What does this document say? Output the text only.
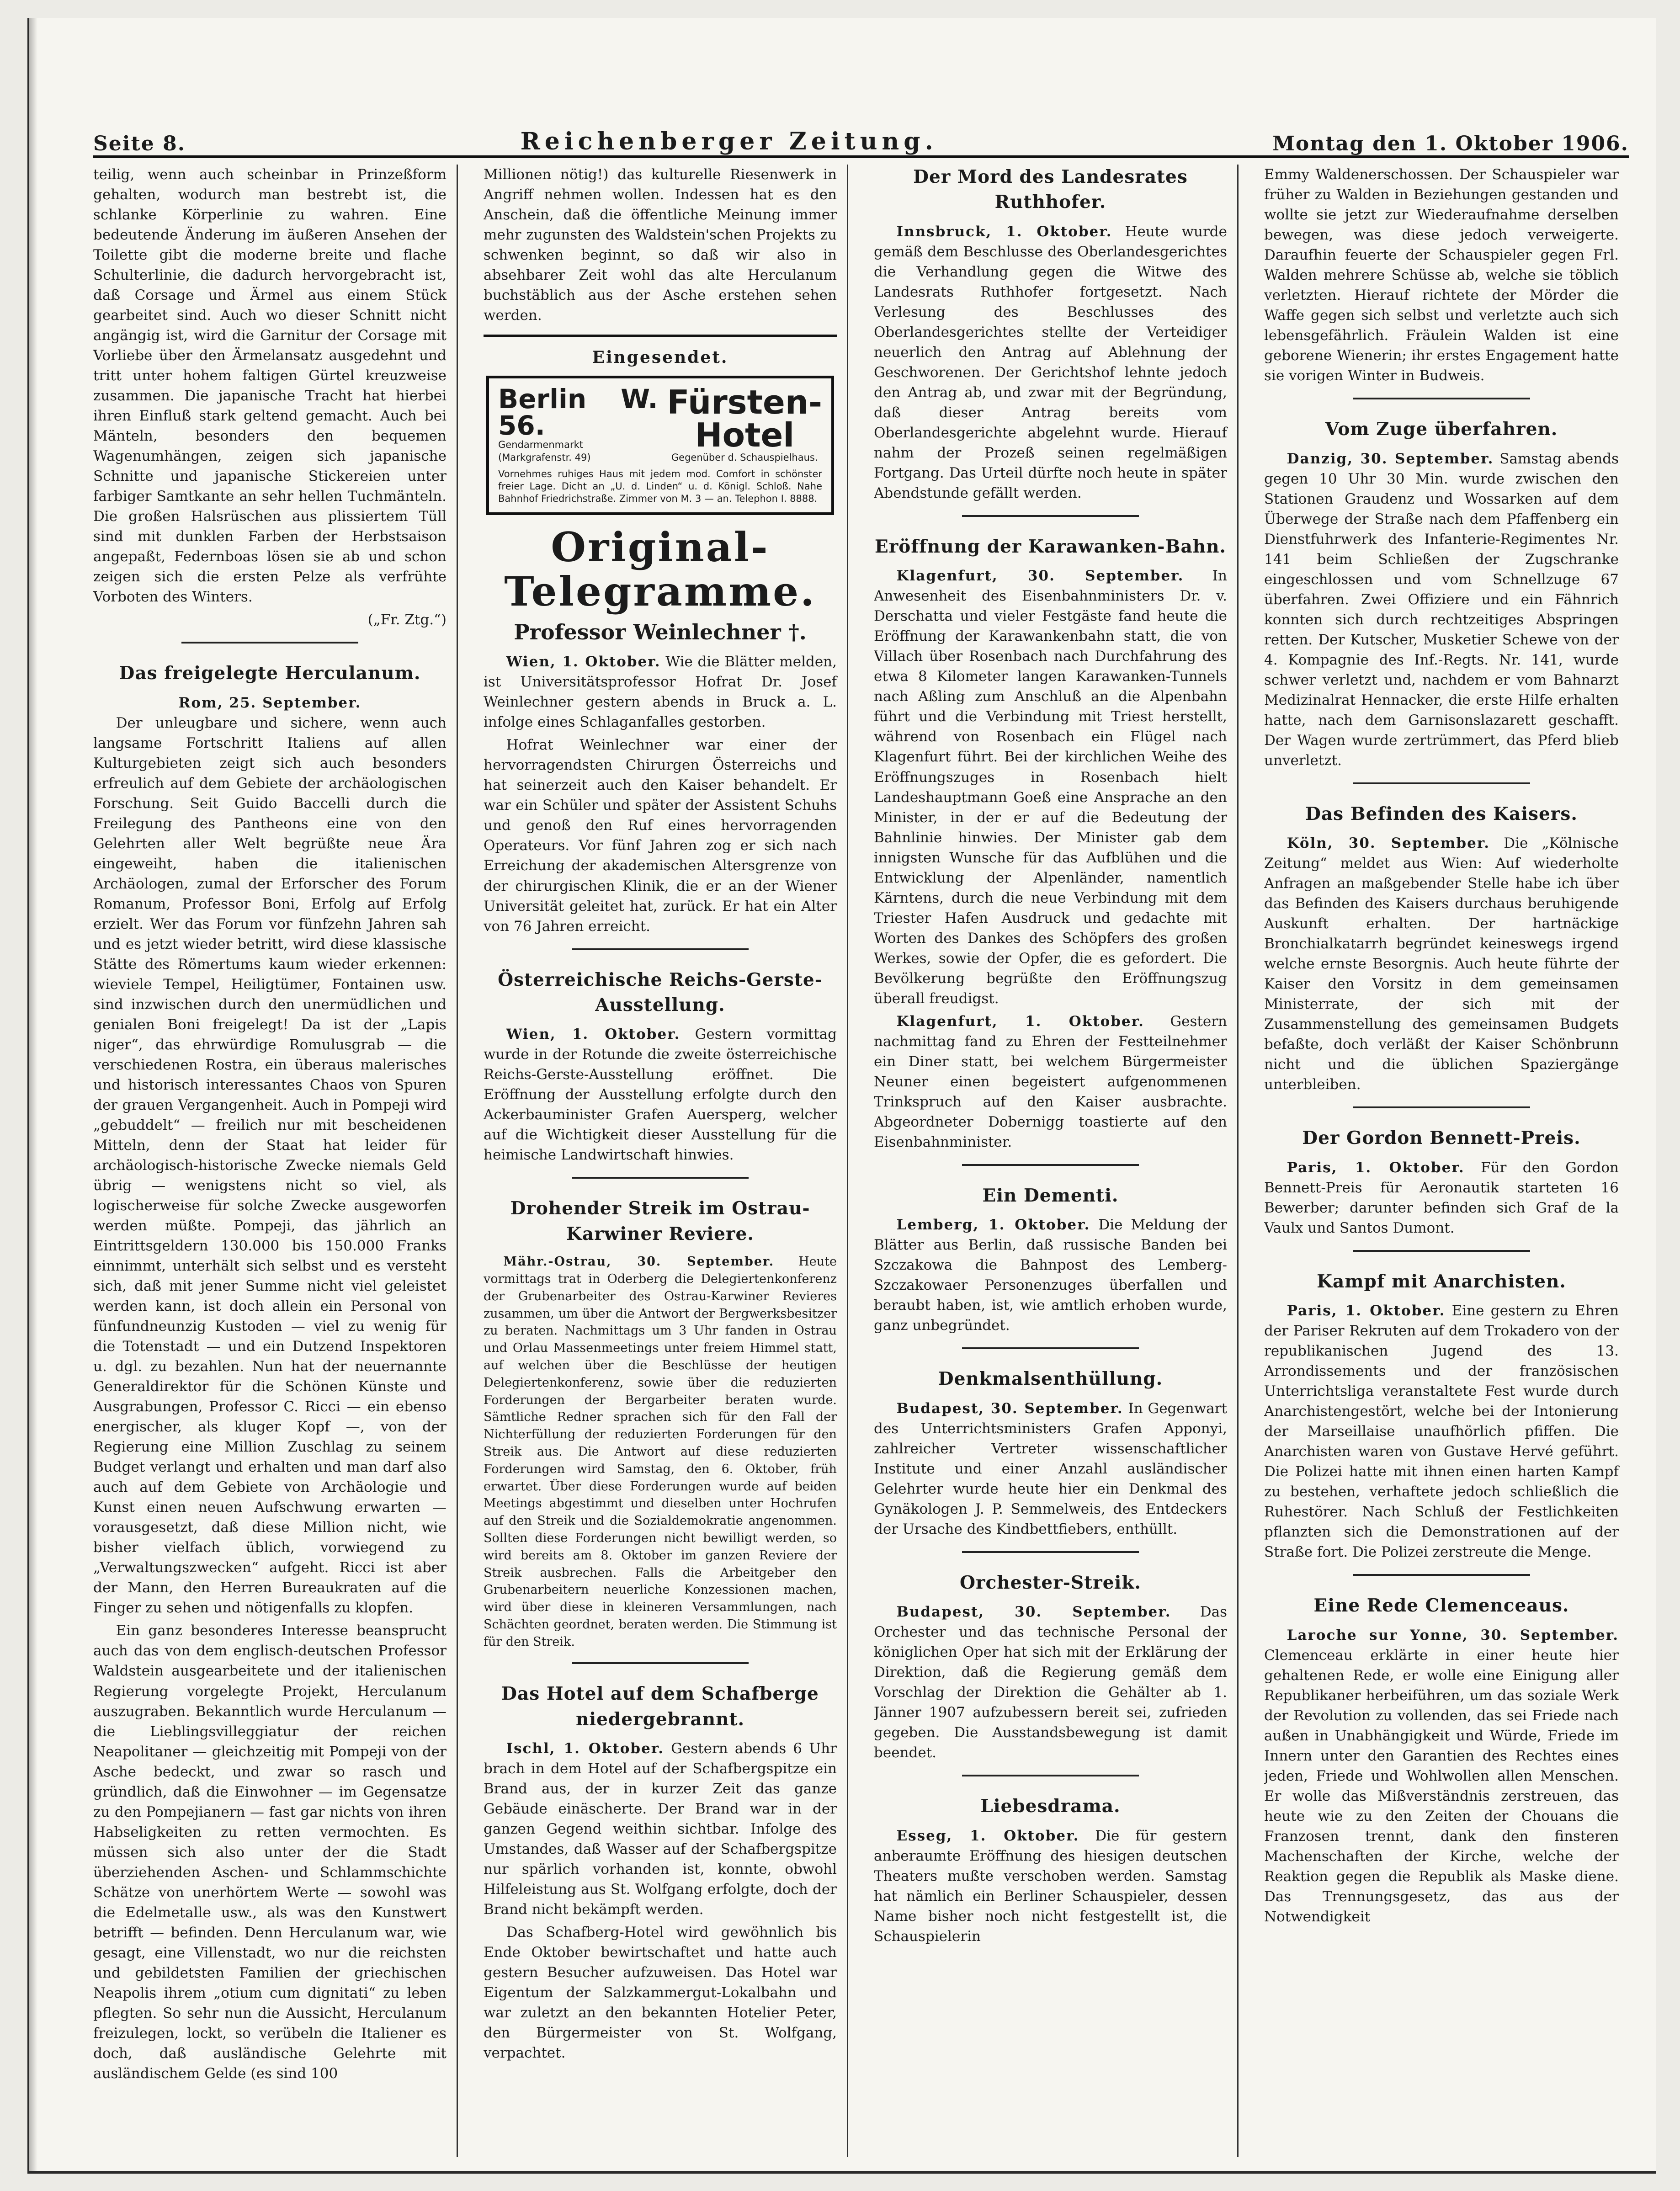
Seite 8.	Reichenberger Zeitung.	Montag den 1. Oktober 1906.

teilig, wenn auch scheinbar in Prinzeßform gehalten, wodurch man bestrebt ist, die schlanke Körperlinie zu wahren. Eine bedeutende Änderung im äußeren Ansehen der Toilette gibt die moderne breite und flache Schulterlinie, die dadurch hervorgebracht ist, daß Corsage und Ärmel aus einem Stück gearbeitet sind. Auch wo dieser Schnitt nicht angängig ist, wird die Garnitur der Corsage mit Vorliebe über den Ärmelansatz ausgedehnt und tritt unter hohem faltigen Gürtel kreuzweise zusammen. Die japanische Tracht hat hierbei ihren Einfluß stark geltend gemacht. Auch bei Mänteln, besonders den bequemen Wagenumhängen, zeigen sich japanische Schnitte und japanische Stickereien unter farbiger Samtkante an sehr hellen Tuchmänteln. Die großen Halsrüschen aus plissiertem Tüll sind mit dunklen Farben der Herbstsaison angepaßt, Federnboas lösen sie ab und schon zeigen sich die ersten Pelze als verfrühte Vorboten des Winters.

(„Fr. Ztg.“)
Das freigelegte Herculanum.
Rom, 25. September.

Der unleugbare und sichere, wenn auch langsame Fortschritt Italiens auf allen Kulturgebieten zeigt sich auch besonders erfreulich auf dem Gebiete der archäologischen Forschung. Seit Guido Baccelli durch die Freilegung des Pantheons eine von den Gelehrten aller Welt begrüßte neue Ära eingeweiht, haben die italienischen Archäologen, zumal der Erforscher des Forum Romanum, Professor Boni, Erfolg auf Erfolg erzielt. Wer das Forum vor fünfzehn Jahren sah und es jetzt wieder betritt, wird diese klassische Stätte des Römertums kaum wieder erkennen: wieviele Tempel, Heiligtümer, Fontainen usw. sind inzwischen durch den unermüdlichen und genialen Boni freigelegt! Da ist der „Lapis niger“, das ehrwürdige Romulusgrab — die verschiedenen Rostra, ein überaus malerisches und historisch interessantes Chaos von Spuren der grauen Vergangenheit. Auch in Pompeji wird „gebuddelt“ — freilich nur mit bescheidenen Mitteln, denn der Staat hat leider für archäologisch-historische Zwecke niemals Geld übrig — wenigstens nicht so viel, als logischerweise für solche Zwecke ausgeworfen werden müßte. Pompeji, das jährlich an Eintrittsgeldern 130.000 bis 150.000 Franks einnimmt, unterhält sich selbst und es versteht sich, daß mit jener Summe nicht viel geleistet werden kann, ist doch allein ein Personal von fünfundneunzig Kustoden — viel zu wenig für die Totenstadt — und ein Dutzend Inspektoren u. dgl. zu bezahlen. Nun hat der neuernannte Generaldirektor für die Schönen Künste und Ausgrabungen, Professor C. Ricci — ein ebenso energischer, als kluger Kopf —, von der Regierung eine Million Zuschlag zu seinem Budget verlangt und erhalten und man darf also auch auf dem Gebiete von Archäologie und Kunst einen neuen Aufschwung erwarten — vorausgesetzt, daß diese Million nicht, wie bisher vielfach üblich, vorwiegend zu „Verwaltungszwecken“ aufgeht. Ricci ist aber der Mann, den Herren Bureaukraten auf die Finger zu sehen und nötigenfalls zu klopfen.

Ein ganz besonderes Interesse beansprucht auch das von dem englisch-deutschen Professor Waldstein ausgearbeitete und der italienischen Regierung vorgelegte Projekt, Herculanum auszugraben. Bekanntlich wurde Herculanum — die Lieblingsvilleggiatur der reichen Neapolitaner — gleichzeitig mit Pompeji von der Asche bedeckt, und zwar so rasch und gründlich, daß die Einwohner — im Gegensatze zu den Pompejianern — fast gar nichts von ihren Habseligkeiten zu retten vermochten. Es müssen sich also unter der die Stadt überziehenden Aschen- und Schlammschichte Schätze von unerhörtem Werte — sowohl was die Edelmetalle usw., als was den Kunstwert betrifft — befinden. Denn Herculanum war, wie gesagt, eine Villenstadt, wo nur die reichsten und gebildetsten Familien der griechischen Neapolis ihrem „otium cum dignitati“ zu leben pflegten. So sehr nun die Aussicht, Herculanum freizulegen, lockt, so verübeln die Italiener es doch, daß ausländische Gelehrte mit ausländischem Gelde (es sind 100

Millionen nötig!) das kulturelle Riesenwerk in Angriff nehmen wollen. Indessen hat es den Anschein, daß die öffentliche Meinung immer mehr zugunsten des Waldstein'schen Projekts zu schwenken beginnt, so daß wir also in absehbarer Zeit wohl das alte Herculanum buchstäblich aus der Asche erstehen sehen werden.

Eingesendet.
Berlin W. 56.
Gendarmenmarkt (Markgrafenstr. 49)
Fürsten-Hotel
Gegenüber d. Schauspielhaus.
Vornehmes ruhiges Haus mit jedem mod. Comfort in schönster freier Lage. Dicht an „U. d. Linden“ u. d. Königl. Schloß. Nahe Bahnhof Friedrichstraße. Zimmer von M. 3 — an. Telephon I. 8888.
Original-Telegramme.
Professor Weinlechner †.

Wien, 1. Oktober. Wie die Blätter melden, ist Universitätsprofessor Hofrat Dr. Josef Weinlechner gestern abends in Bruck a. L. infolge eines Schlaganfalles gestorben.

Hofrat Weinlechner war einer der hervorragendsten Chirurgen Österreichs und hat seinerzeit auch den Kaiser behandelt. Er war ein Schüler und später der Assistent Schuhs und genoß den Ruf eines hervorragenden Operateurs. Vor fünf Jahren zog er sich nach Erreichung der akademischen Altersgrenze von der chirurgischen Klinik, die er an der Wiener Universität geleitet hat, zurück. Er hat ein Alter von 76 Jahren erreicht.

Österreichische Reichs-Gerste-Ausstellung.

Wien, 1. Oktober. Gestern vormittag wurde in der Rotunde die zweite österreichische Reichs-Gerste-Ausstellung eröffnet. Die Eröffnung der Ausstellung erfolgte durch den Ackerbauminister Grafen Auersperg, welcher auf die Wichtigkeit dieser Ausstellung für die heimische Landwirtschaft hinwies.

Drohender Streik im Ostrau-Karwiner Reviere.

Mähr.-Ostrau, 30. September. Heute vormittags trat in Oderberg die Delegiertenkonferenz der Grubenarbeiter des Ostrau-Karwiner Revieres zusammen, um über die Antwort der Bergwerksbesitzer zu beraten. Nachmittags um 3 Uhr fanden in Ostrau und Orlau Massenmeetings unter freiem Himmel statt, auf welchen über die Beschlüsse der heutigen Delegiertenkonferenz, sowie über die reduzierten Forderungen der Bergarbeiter beraten wurde. Sämtliche Redner sprachen sich für den Fall der Nichterfüllung der reduzierten Forderungen für den Streik aus. Die Antwort auf diese reduzierten Forderungen wird Samstag, den 6. Oktober, früh erwartet. Über diese Forderungen wurde auf beiden Meetings abgestimmt und dieselben unter Hochrufen auf den Streik und die Sozialdemokratie angenommen. Sollten diese Forderungen nicht bewilligt werden, so wird bereits am 8. Oktober im ganzen Reviere der Streik ausbrechen. Falls die Arbeitgeber den Grubenarbeitern neuerliche Konzessionen machen, wird über diese in kleineren Versammlungen, nach Schächten geordnet, beraten werden. Die Stimmung ist für den Streik.

Das Hotel auf dem Schafberge niedergebrannt.

Ischl, 1. Oktober. Gestern abends 6 Uhr brach in dem Hotel auf der Schafbergspitze ein Brand aus, der in kurzer Zeit das ganze Gebäude einäscherte. Der Brand war in der ganzen Gegend weithin sichtbar. Infolge des Umstandes, daß Wasser auf der Schafbergspitze nur spärlich vorhanden ist, konnte, obwohl Hilfeleistung aus St. Wolfgang erfolgte, doch der Brand nicht bekämpft werden.

Das Schafberg-Hotel wird gewöhnlich bis Ende Oktober bewirtschaftet und hatte auch gestern Besucher aufzuweisen. Das Hotel war Eigentum der Salzkammergut-Lokalbahn und war zuletzt an den bekannten Hotelier Peter, den Bürgermeister von St. Wolfgang, verpachtet.

Der Mord des Landesrates Ruthhofer.

Innsbruck, 1. Oktober. Heute wurde gemäß dem Beschlusse des Oberlandesgerichtes die Verhandlung gegen die Witwe des Landesrats Ruthhofer fortgesetzt. Nach Verlesung des Beschlusses des Oberlandesgerichtes stellte der Verteidiger neuerlich den Antrag auf Ablehnung der Geschworenen. Der Gerichtshof lehnte jedoch den Antrag ab, und zwar mit der Begründung, daß dieser Antrag bereits vom Oberlandesgerichte abgelehnt wurde. Hierauf nahm der Prozeß seinen regelmäßigen Fortgang. Das Urteil dürfte noch heute in später Abendstunde gefällt werden.

Eröffnung der Karawanken-Bahn.

Klagenfurt, 30. September. In Anwesenheit des Eisenbahnministers Dr. v. Derschatta und vieler Festgäste fand heute die Eröffnung der Karawankenbahn statt, die von Villach über Rosenbach nach Durchfahrung des etwa 8 Kilometer langen Karawanken-Tunnels nach Aßling zum Anschluß an die Alpenbahn führt und die Verbindung mit Triest herstellt, während von Rosenbach ein Flügel nach Klagenfurt führt. Bei der kirchlichen Weihe des Eröffnungszuges in Rosenbach hielt Landeshauptmann Goeß eine Ansprache an den Minister, in der er auf die Bedeutung der Bahnlinie hinwies. Der Minister gab dem innigsten Wunsche für das Aufblühen und die Entwicklung der Alpenländer, namentlich Kärntens, durch die neue Verbindung mit dem Triester Hafen Ausdruck und gedachte mit Worten des Dankes des Schöpfers des großen Werkes, sowie der Opfer, die es gefordert. Die Bevölkerung begrüßte den Eröffnungszug überall freudigst.

Klagenfurt, 1. Oktober. Gestern nachmittag fand zu Ehren der Festteilnehmer ein Diner statt, bei welchem Bürgermeister Neuner einen begeistert aufgenommenen Trinkspruch auf den Kaiser ausbrachte. Abgeordneter Dobernigg toastierte auf den Eisenbahnminister.

Ein Dementi.

Lemberg, 1. Oktober. Die Meldung der Blätter aus Berlin, daß russische Banden bei Szczakowa die Bahnpost des Lemberg-Szczakowaer Personenzuges überfallen und beraubt haben, ist, wie amtlich erhoben wurde, ganz unbegründet.

Denkmalsenthüllung.

Budapest, 30. September. In Gegenwart des Unterrichtsministers Grafen Apponyi, zahlreicher Vertreter wissenschaftlicher Institute und einer Anzahl ausländischer Gelehrter wurde heute hier ein Denkmal des Gynäkologen J. P. Semmelweis, des Entdeckers der Ursache des Kindbettfiebers, enthüllt.

Orchester-Streik.

Budapest, 30. September. Das Orchester und das technische Personal der königlichen Oper hat sich mit der Erklärung der Direktion, daß die Regierung gemäß dem Vorschlag der Direktion die Gehälter ab 1. Jänner 1907 aufzubessern bereit sei, zufrieden gegeben. Die Ausstandsbewegung ist damit beendet.

Liebesdrama.

Esseg, 1. Oktober. Die für gestern anberaumte Eröffnung des hiesigen deutschen Theaters mußte verschoben werden. Samstag hat nämlich ein Berliner Schauspieler, dessen Name bisher noch nicht festgestellt ist, die Schauspielerin

Emmy Waldenerschossen. Der Schauspieler war früher zu Walden in Beziehungen gestanden und wollte sie jetzt zur Wiederaufnahme derselben bewegen, was diese jedoch verweigerte. Daraufhin feuerte der Schauspieler gegen Frl. Walden mehrere Schüsse ab, welche sie töblich verletzten. Hierauf richtete der Mörder die Waffe gegen sich selbst und verletzte auch sich lebensgefährlich. Fräulein Walden ist eine geborene Wienerin; ihr erstes Engagement hatte sie vorigen Winter in Budweis.

Vom Zuge überfahren.

Danzig, 30. September. Samstag abends gegen 10 Uhr 30 Min. wurde zwischen den Stationen Graudenz und Wossarken auf dem Überwege der Straße nach dem Pfaffenberg ein Dienstfuhrwerk des Infanterie-Regimentes Nr. 141 beim Schließen der Zugschranke eingeschlossen und vom Schnellzuge 67 überfahren. Zwei Offiziere und ein Fähnrich konnten sich durch rechtzeitiges Abspringen retten. Der Kutscher, Musketier Schewe von der 4. Kompagnie des Inf.-Regts. Nr. 141, wurde schwer verletzt und, nachdem er vom Bahnarzt Medizinalrat Hennacker, die erste Hilfe erhalten hatte, nach dem Garnisonslazarett geschafft. Der Wagen wurde zertrümmert, das Pferd blieb unverletzt.

Das Befinden des Kaisers.

Köln, 30. September. Die „Kölnische Zeitung“ meldet aus Wien: Auf wiederholte Anfragen an maßgebender Stelle habe ich über das Befinden des Kaisers durchaus beruhigende Auskunft erhalten. Der hartnäckige Bronchialkatarrh begründet keineswegs irgend welche ernste Besorgnis. Auch heute führte der Kaiser den Vorsitz in dem gemeinsamen Ministerrate, der sich mit der Zusammenstellung des gemeinsamen Budgets befaßte, doch verläßt der Kaiser Schönbrunn nicht und die üblichen Spaziergänge unterbleiben.

Der Gordon Bennett-Preis.

Paris, 1. Oktober. Für den Gordon Bennett-Preis für Aeronautik starteten 16 Bewerber; darunter befinden sich Graf de la Vaulx und Santos Dumont.

Kampf mit Anarchisten.

Paris, 1. Oktober. Eine gestern zu Ehren der Pariser Rekruten auf dem Trokadero von der republikanischen Jugend des 13. Arrondissements und der französischen Unterrichtsliga veranstaltete Fest wurde durch Anarchistengestört, welche bei der Intonierung der Marseillaise unaufhörlich pfiffen. Die Anarchisten waren von Gustave Hervé geführt. Die Polizei hatte mit ihnen einen harten Kampf zu bestehen, verhaftete jedoch schließlich die Ruhestörer. Nach Schluß der Festlichkeiten pflanzten sich die Demonstrationen auf der Straße fort. Die Polizei zerstreute die Menge.

Eine Rede Clemenceaus.

Laroche sur Yonne, 30. September. Clemenceau erklärte in einer heute hier gehaltenen Rede, er wolle eine Einigung aller Republikaner herbeiführen, um das soziale Werk der Revolution zu vollenden, das sei Friede nach außen in Unabhängigkeit und Würde, Friede im Innern unter den Garantien des Rechtes eines jeden, Friede und Wohlwollen allen Menschen. Er wolle das Mißverständnis zerstreuen, das heute wie zu den Zeiten der Chouans die Franzosen trennt, dank den finsteren Machenschaften der Kirche, welche der Reaktion gegen die Republik als Maske diene. Das Trennungsgesetz, das aus der Notwendigkeit
